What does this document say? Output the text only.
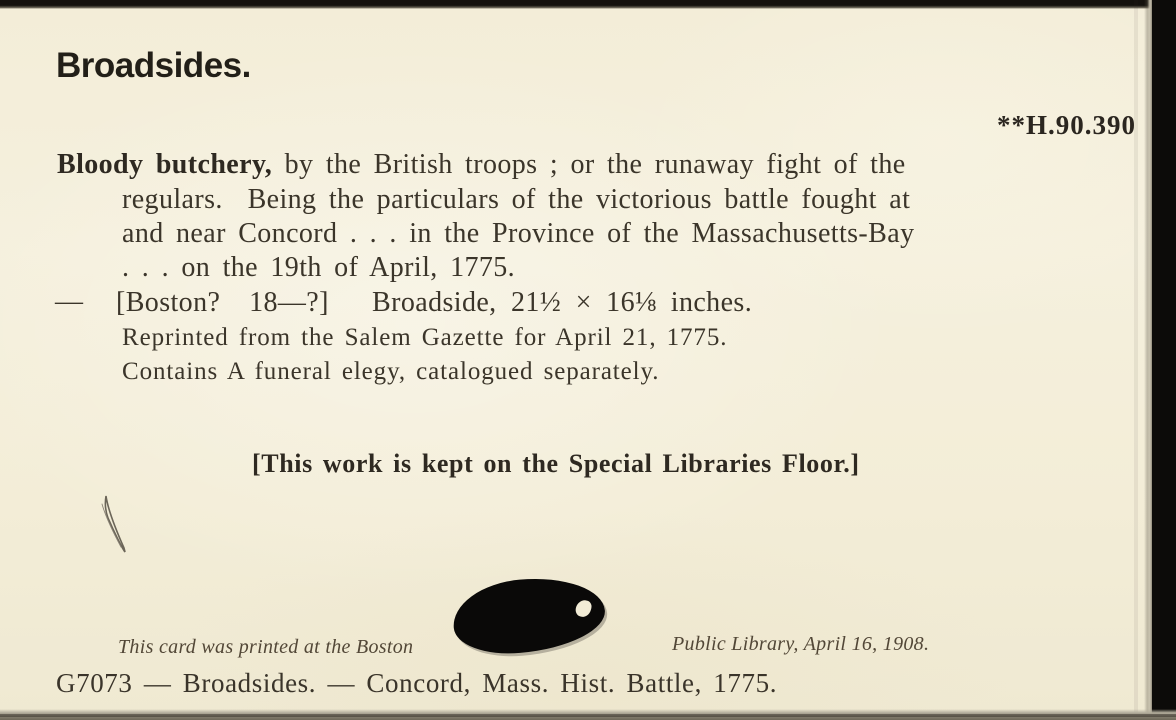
Broadsides.
**H.90.390
Bloody butchery, by the British troops ; or the runaway fight of the
regulars.  Being the particulars of the victorious battle fought at
and near Concord . . . in the Province of the Massachusetts-Bay
. . . on the 19th of April, 1775.
— [Boston?  18—?]   Broadside, 21½ × 16⅛ inches.
Reprinted from the Salem Gazette for April 21, 1775.
Contains A funeral elegy, catalogued separately.
[This work is kept on the Special Libraries Floor.]
This card was printed at the Boston	Public Library, April 16, 1908.
G7073 — Broadsides. — Concord, Mass. Hist. Battle, 1775.
